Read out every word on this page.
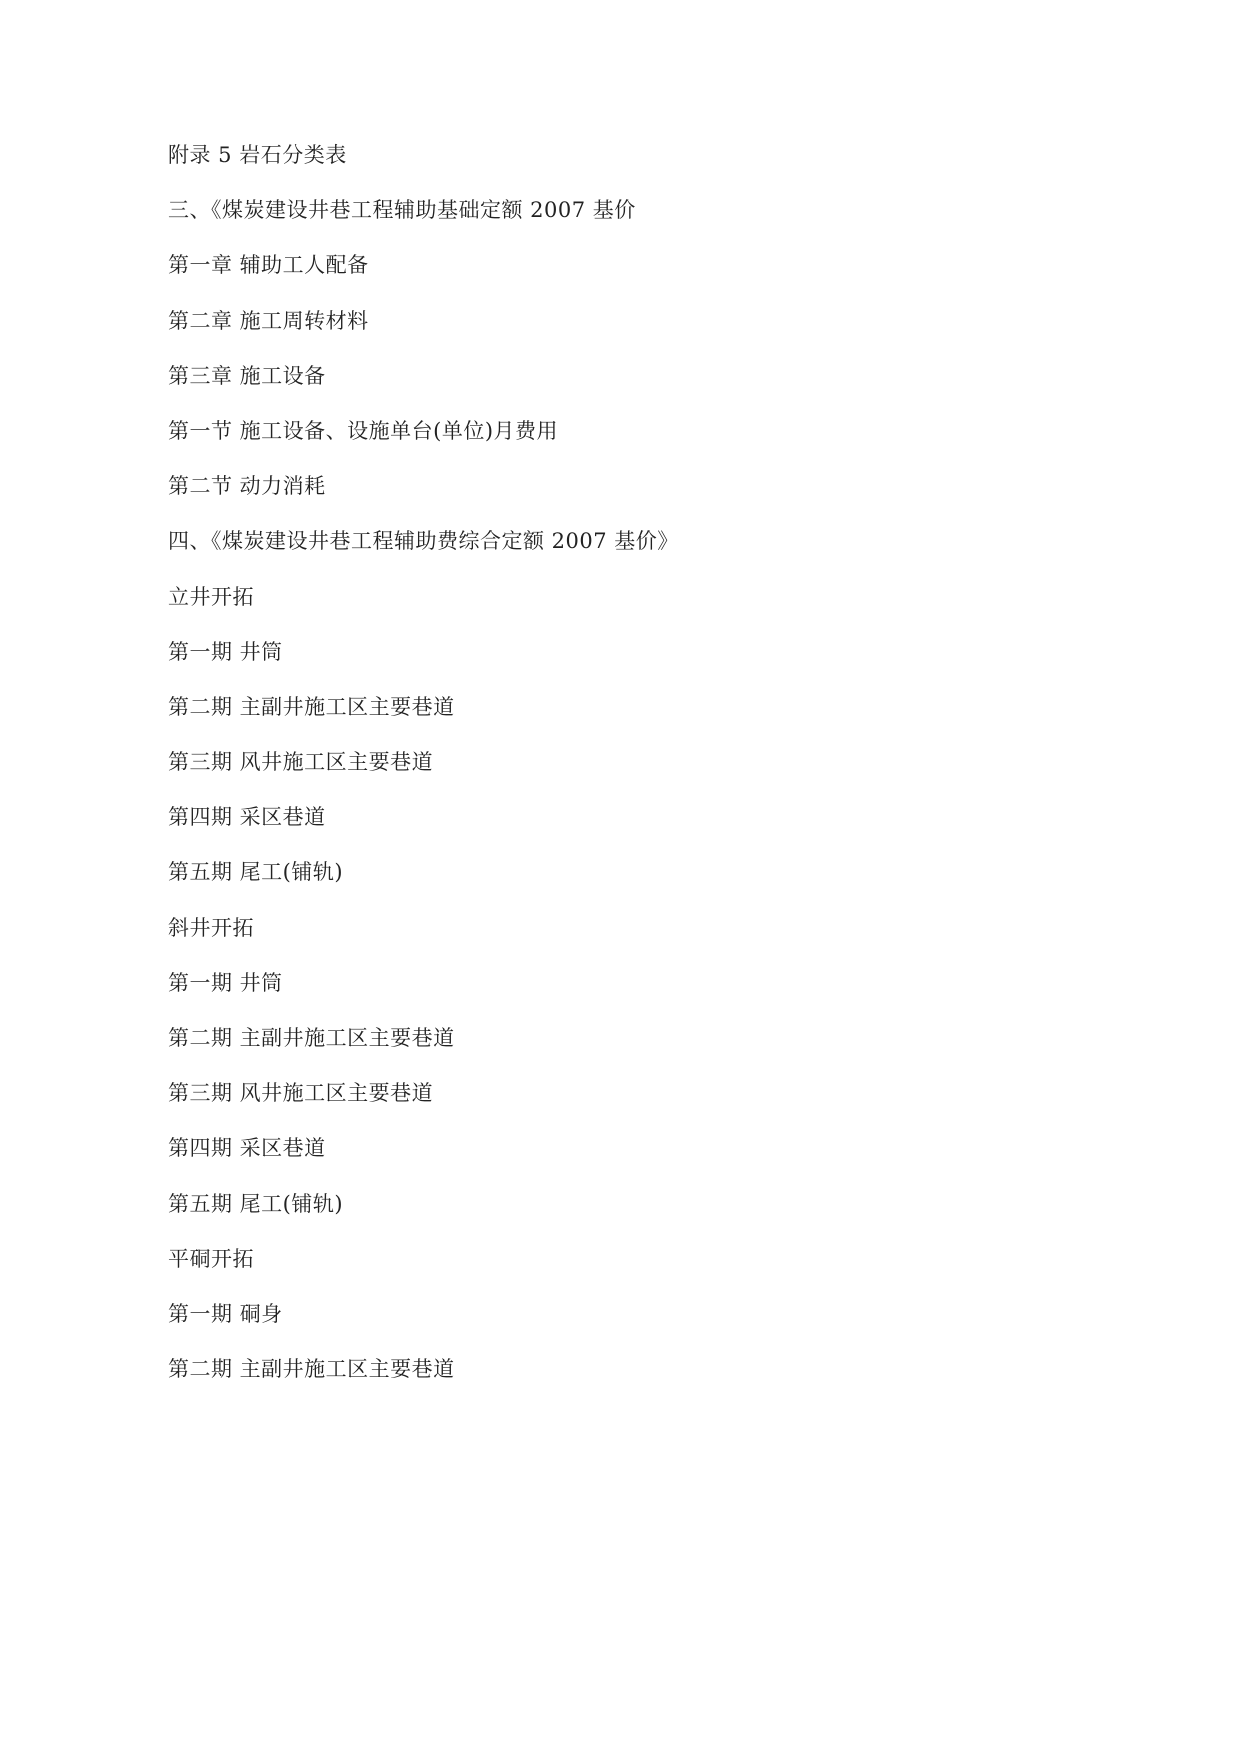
附录 5 岩石分类表
三、《煤炭建设井巷工程辅助基础定额 2007 基价
第一章 辅助工人配备
第二章 施工周转材料
第三章 施工设备
第一节 施工设备、设施单台(单位)月费用
第二节 动力消耗
四、《煤炭建设井巷工程辅助费综合定额 2007 基价》
立井开拓
第一期 井筒
第二期 主副井施工区主要巷道
第三期 风井施工区主要巷道
第四期 采区巷道
第五期 尾工(铺轨)
斜井开拓
第一期 井筒
第二期 主副井施工区主要巷道
第三期 风井施工区主要巷道
第四期 采区巷道
第五期 尾工(铺轨)
平硐开拓
第一期 硐身
第二期 主副井施工区主要巷道
